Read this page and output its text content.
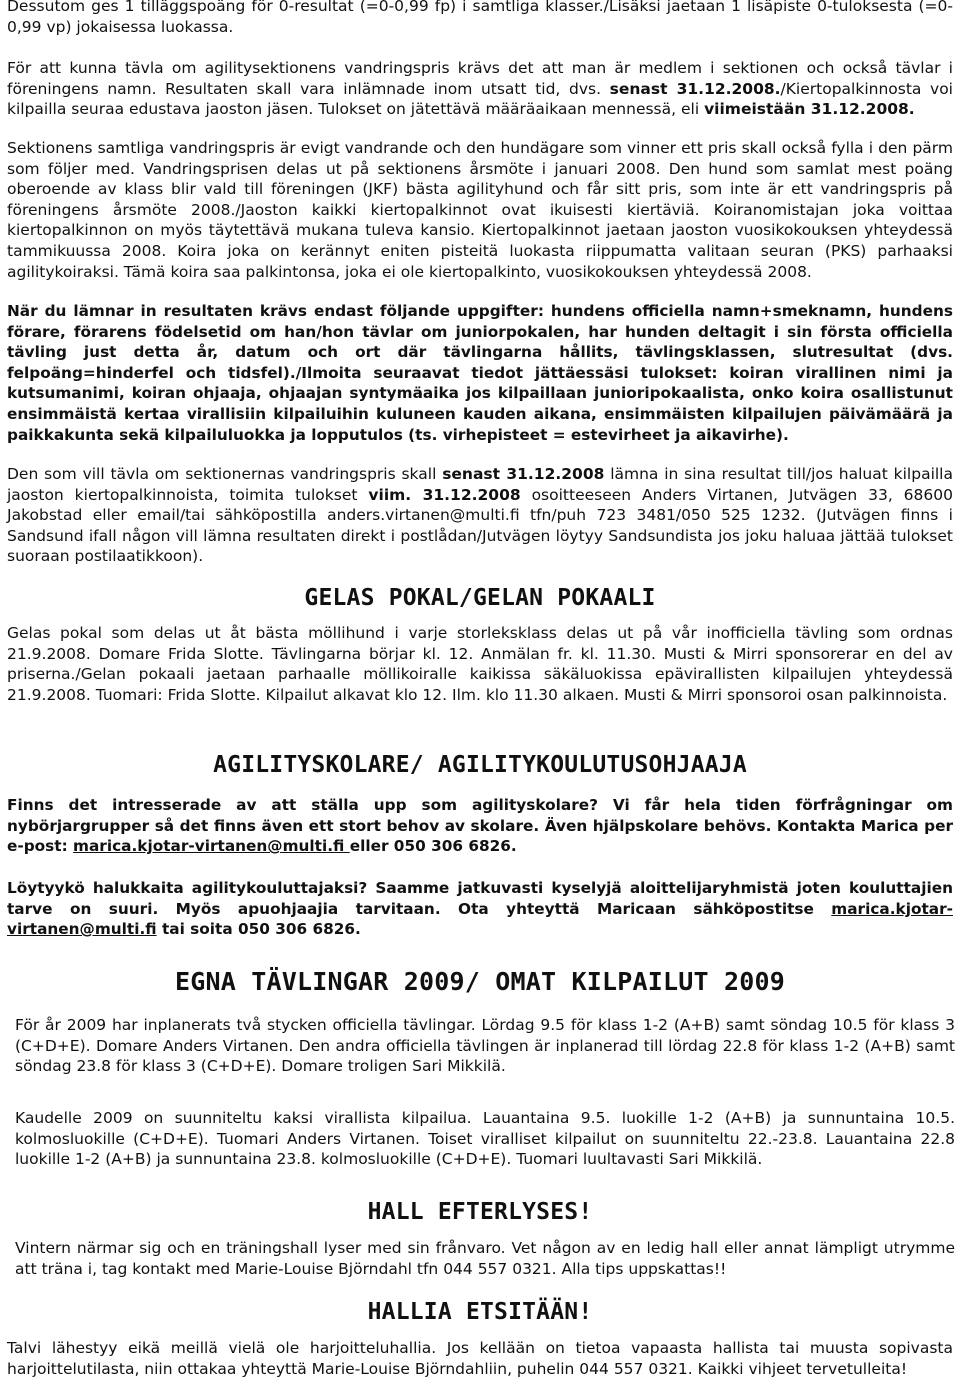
Dessutom ges 1 tilläggspoäng för 0-resultat (=0-0,99 fp) i samtliga klasser./Lisäksi jaetaan 1 lisäpiste 0-tuloksesta (=0-0,99 vp) jokaisessa luokassa.

För att kunna tävla om agilitysektionens vandringspris krävs det att man är medlem i sektionen och också tävlar i föreningens namn. Resultaten skall vara inlämnade inom utsatt tid, dvs. senast 31.12.2008./Kiertopalkinnosta voi kilpailla seuraa edustava jaoston jäsen. Tulokset on jätettävä määräaikaan mennessä, eli viimeistään 31.12.2008.

Sektionens samtliga vandringspris är evigt vandrande och den hundägare som vinner ett pris skall också fylla i den pärm som följer med. Vandringsprisen delas ut på sektionens årsmöte i januari 2008. Den hund som samlat mest poäng oberoende av klass blir vald till föreningen (JKF) bästa agilityhund och får sitt pris, som inte är ett vandringspris på föreningens årsmöte 2008./Jaoston kaikki kiertopalkinnot ovat ikuisesti kiertäviä. Koiranomistajan joka voittaa kiertopalkinnon on myös täytettävä mukana tuleva kansio. Kiertopalkinnot jaetaan jaoston vuosikokouksen yhteydessä tammikuussa 2008. Koira joka on kerännyt eniten pisteitä luokasta riippumatta valitaan seuran (PKS) parhaaksi agilitykoiraksi. Tämä koira saa palkintonsa, joka ei ole kiertopalkinto, vuosikokouksen yhteydessä 2008.

När du lämnar in resultaten krävs endast följande uppgifter: hundens officiella namn+smeknamn, hundens förare, förarens födelsetid om han/hon tävlar om juniorpokalen, har hunden deltagit i sin första officiella tävling just detta år, datum och ort där tävlingarna hållits, tävlingsklassen, slutresultat (dvs. felpoäng=hinderfel och tidsfel)./Ilmoita seuraavat tiedot jättäessäsi tulokset: koiran virallinen nimi ja kutsumanimi, koiran ohjaaja, ohjaajan syntymäaika jos kilpaillaan junioripokaalista, onko koira osallistunut ensimmäistä kertaa virallisiin kilpailuihin kuluneen kauden aikana, ensimmäisten kilpailujen päivämäärä ja paikkakunta sekä kilpailuluokka ja lopputulos (ts. virhepisteet = estevirheet ja aikavirhe).

Den som vill tävla om sektionernas vandringspris skall senast 31.12.2008 lämna in sina resultat till/jos haluat kilpailla jaoston kiertopalkinnoista, toimita tulokset viim. 31.12.2008 osoitteeseen Anders Virtanen, Jutvägen 33, 68600 Jakobstad eller email/tai sähköpostilla anders.virtanen@multi.fi tfn/puh 723 3481/050 525 1232. (Jutvägen finns i Sandsund ifall någon vill lämna resultaten direkt i postlådan/Jutvägen löytyy Sandsundista jos joku haluaa jättää tulokset suoraan postilaatikkoon).

GELAS POKAL/GELAN POKAALI

Gelas pokal som delas ut åt bästa möllihund i varje storleksklass delas ut på vår inofficiella tävling som ordnas 21.9.2008. Domare Frida Slotte. Tävlingarna börjar kl. 12. Anmälan fr. kl. 11.30. Musti & Mirri sponsorerar en del av priserna./Gelan pokaali jaetaan parhaalle möllikoiralle kaikissa säkäluokissa epävirallisten kilpailujen yhteydessä 21.9.2008. Tuomari: Frida Slotte. Kilpailut alkavat klo 12. Ilm. klo 11.30 alkaen. Musti & Mirri sponsoroi osan palkinnoista.

AGILITYSKOLARE/ AGILITYKOULUTUSOHJAAJA

Finns det intresserade av att ställa upp som agilityskolare? Vi får hela tiden förfrågningar om nybörjargrupper så det finns även ett stort behov av skolare. Även hjälpskolare behövs. Kontakta Marica per e-post: marica.kjotar-virtanen@multi.fi eller 050 306 6826.

Löytyykö halukkaita agilitykouluttajaksi? Saamme jatkuvasti kyselyjä aloittelijaryhmistä joten kouluttajien tarve on suuri. Myös apuohjaajia tarvitaan. Ota yhteyttä Maricaan sähköpostitse marica.kjotar-virtanen@multi.fi tai soita 050 306 6826.

EGNA TÄVLINGAR 2009/ OMAT KILPAILUT 2009

För år 2009 har inplanerats två stycken officiella tävlingar. Lördag 9.5 för klass 1-2 (A+B) samt söndag 10.5 för klass 3 (C+D+E). Domare Anders Virtanen. Den andra officiella tävlingen är inplanerad till lördag 22.8 för klass 1-2 (A+B) samt söndag 23.8 för klass 3 (C+D+E). Domare troligen Sari Mikkilä.

Kaudelle 2009 on suunniteltu kaksi virallista kilpailua. Lauantaina 9.5. luokille 1-2 (A+B) ja sunnuntaina 10.5. kolmosluokille (C+D+E). Tuomari Anders Virtanen. Toiset viralliset kilpailut on suunniteltu 22.-23.8. Lauantaina 22.8 luokille 1-2 (A+B) ja sunnuntaina 23.8. kolmosluokille (C+D+E). Tuomari luultavasti Sari Mikkilä.

HALL EFTERLYSES!

Vintern närmar sig och en träningshall lyser med sin frånvaro. Vet någon av en ledig hall eller annat lämpligt utrymme att träna i, tag kontakt med Marie-Louise Björndahl tfn 044 557 0321. Alla tips uppskattas!!

HALLIA ETSITÄÄN!

Talvi lähestyy eikä meillä vielä ole harjoitteluhallia. Jos kellään on tietoa vapaasta hallista tai muusta sopivasta harjoittelutilasta, niin ottakaa yhteyttä Marie-Louise Björndahliin, puhelin 044 557 0321. Kaikki vihjeet tervetulleita!
